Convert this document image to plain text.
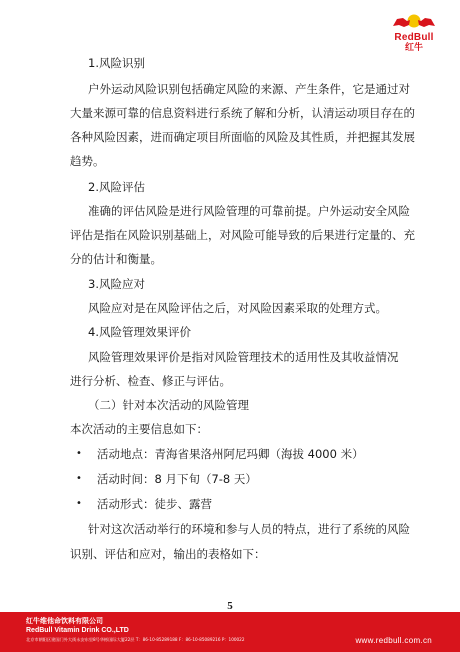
RedBull
红牛
1.风险识别
户外运动风险识别包括确定风险的来源、产生条件，它是通过对
大量来源可靠的信息资料进行系统了解和分析，认清运动项目存在的
各种风险因素，进而确定项目所面临的风险及其性质，并把握其发展
趋势。
2.风险评估
准确的评估风险是进行风险管理的可靠前提。户外运动安全风险
评估是指在风险识别基础上，对风险可能导致的后果进行定量的、充
分的估计和衡量。
3.风险应对
风险应对是在风险评估之后，对风险因素采取的处理方式。
4.风险管理效果评价
风险管理效果评价是指对风险管理技术的适用性及其收益情况
进行分析、检查、修正与评估。
（二）针对本次活动的风险管理
本次活动的主要信息如下：
• 活动地点：青海省果洛州阿尼玛卿（海拔 4000 米）
• 活动时间：8 月下旬（7-8 天）
• 活动形式：徒步、露营
针对这次活动举行的环境和参与人员的特点，进行了系统的风险
识别、评估和应对，输出的表格如下：
5
红牛维他命饮料有限公司
RedBull Vitamin Drink CO.,LTD
北京市朝阳区建国门外大街永安东里8号华彬国际大厦22层 T：86-10-85289188 F：86-10-85089216 P：100022	www.redbull.com.cn
